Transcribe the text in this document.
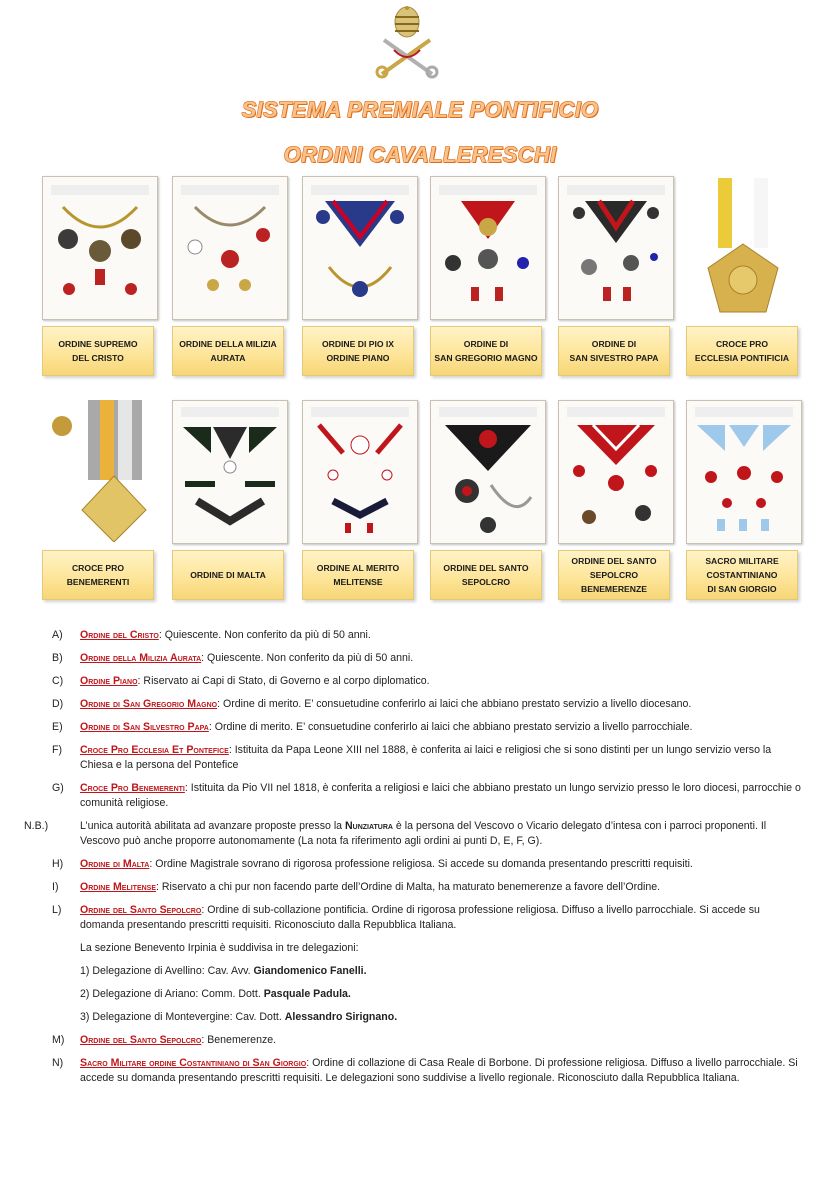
SISTEMA PREMIALE PONTIFICIO
ORDINI CAVALLERESCHI
ORDINE SUPREMO
DEL CRISTO
ORDINE DELLA MILIZIA
AURATA
ORDINE DI PIO IX
ORDINE PIANO
ORDINE DI
SAN GREGORIO MAGNO
ORDINE DI
SAN SIVESTRO PAPA
CROCE PRO
ECCLESIA PONTIFICIA
CROCE PRO
BENEMERENTI
ORDINE DI MALTA
ORDINE AL MERITO
MELITENSE
ORDINE DEL SANTO
SEPOLCRO
ORDINE DEL SANTO
SEPOLCRO
BENEMERENZE
SACRO MILITARE
COSTANTINIANO
DI SAN GIORGIO
A) Ordine del Cristo: Quiescente. Non conferito da più di 50 anni.
B) Ordine della Milizia Aurata: Quiescente. Non conferito da più di 50 anni.
C) Ordine Piano: Riservato ai Capi di Stato, di Governo e al corpo diplomatico.
D) Ordine di San Gregorio Magno: Ordine di merito. E’ consuetudine conferirlo ai laici che abbiano prestato servizio a livello diocesano.
E) Ordine di San Silvestro Papa: Ordine di merito. E’ consuetudine conferirlo ai laici che abbiano prestato servizio a livello parrocchiale.
F) Croce Pro Ecclesia Et Pontefice: Istituita da Papa Leone XIII nel 1888, è conferita ai laici e religiosi che si sono distinti per un lungo servizio verso la Chiesa e la persona del Pontefice
G) Croce Pro Benemerenti: Istituita da Pio VII nel 1818, è conferita a religiosi e laici che abbiano prestato un lungo servizio presso le loro diocesi, parrocchie o comunità religiose.
N.B.)	L’unica autorità abilitata ad avanzare proposte presso la Nunziatura è la persona del Vescovo o Vicario delegato d’intesa con i parroci proponenti. Il Vescovo può anche proporre autonomamente (La nota fa riferimento agli ordini ai punti D, E, F, G).
H) Ordine di Malta: Ordine Magistrale sovrano di rigorosa professione religiosa. Si accede su domanda presentando prescritti requisiti.
I) Ordine Melitense: Riservato a chi pur non facendo parte dell’Ordine di Malta, ha maturato benemerenze a favore dell’Ordine.
L) Ordine del Santo Sepolcro: Ordine di sub-collazione pontificia. Ordine di rigorosa professione religiosa. Diffuso a livello parrocchiale. Si accede su domanda presentando prescritti requisiti. Riconosciuto dalla Repubblica Italiana.
La sezione Benevento Irpinia è suddivisa in tre delegazioni:
1) Delegazione di Avellino: Cav. Avv. Giandomenico Fanelli.
2) Delegazione di Ariano: Comm. Dott. Pasquale Padula.
3) Delegazione di Montevergine: Cav. Dott. Alessandro Sirignano.
M) Ordine del Santo Sepolcro: Benemerenze.
N) Sacro Militare ordine Costantiniano di San Giorgio: Ordine di collazione di Casa Reale di Borbone. Di professione religiosa. Diffuso a livello parrocchiale. Si accede su domanda presentando prescritti requisiti. Le delegazioni sono suddivise a livello regionale. Riconosciuto dalla Repubblica Italiana.
